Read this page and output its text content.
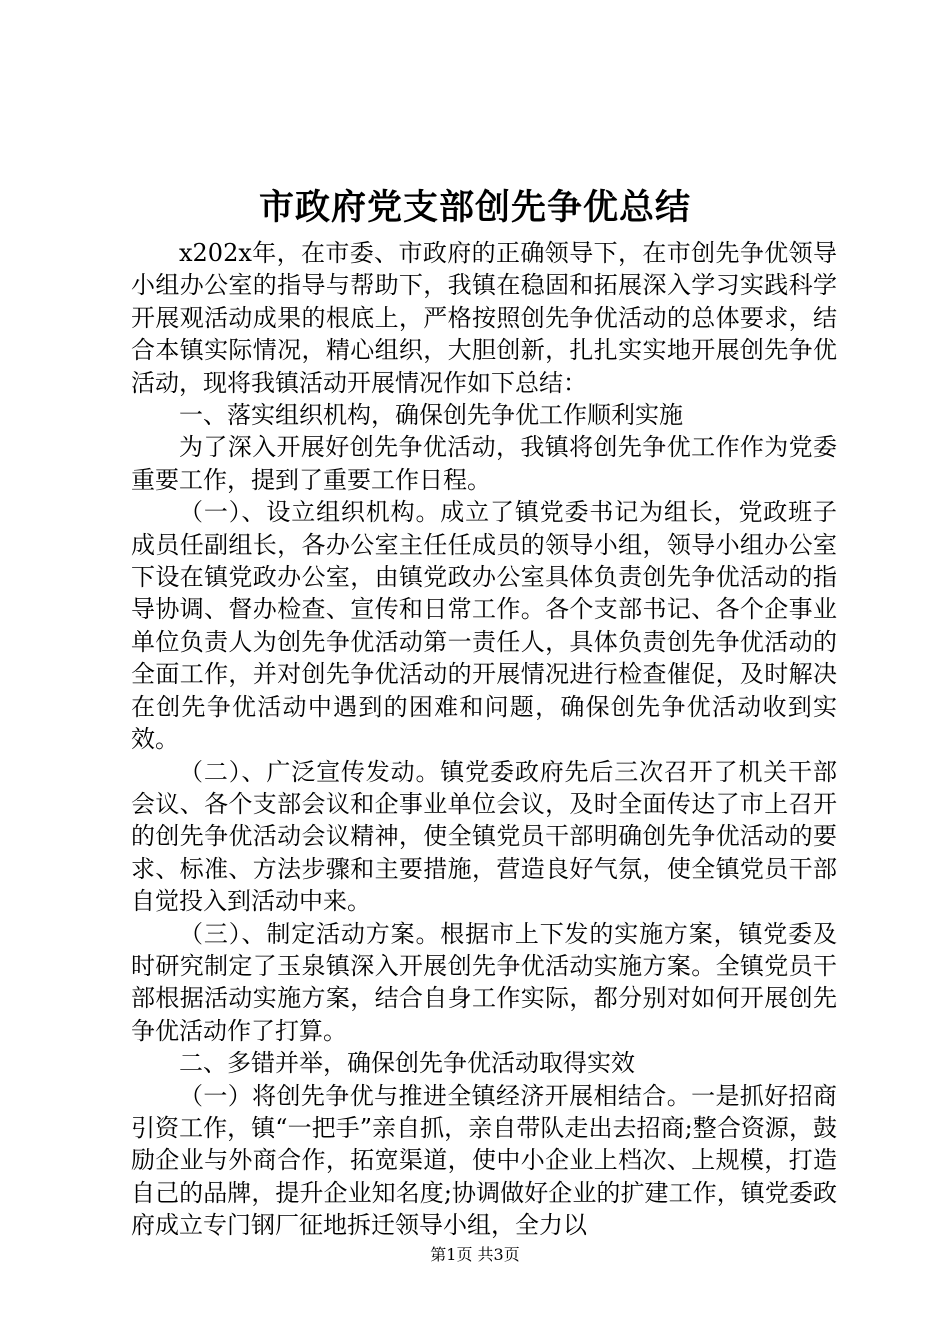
市政府党支部创先争优总结

x202x年，在市委、市政府的正确领导下，在市创先争优领导小组办公室的指导与帮助下，我镇在稳固和拓展深入学习实践科学开展观活动成果的根底上，严格按照创先争优活动的总体要求，结合本镇实际情况，精心组织，大胆创新，扎扎实实地开展创先争优活动，现将我镇活动开展情况作如下总结：

一、落实组织机构，确保创先争优工作顺利实施

为了深入开展好创先争优活动，我镇将创先争优工作作为党委重要工作，提到了重要工作日程。

（一）、设立组织机构。成立了镇党委书记为组长，党政班子成员任副组长，各办公室主任任成员的领导小组，领导小组办公室下设在镇党政办公室，由镇党政办公室具体负责创先争优活动的指导协调、督办检查、宣传和日常工作。各个支部书记、各个企事业单位负责人为创先争优活动第一责任人，具体负责创先争优活动的全面工作，并对创先争优活动的开展情况进行检查催促，及时解决在创先争优活动中遇到的困难和问题，确保创先争优活动收到实效。

（二）、广泛宣传发动。镇党委政府先后三次召开了机关干部会议、各个支部会议和企事业单位会议，及时全面传达了市上召开的创先争优活动会议精神，使全镇党员干部明确创先争优活动的要求、标准、方法步骤和主要措施，营造良好气氛，使全镇党员干部自觉投入到活动中来。

（三）、制定活动方案。根据市上下发的实施方案，镇党委及时研究制定了玉泉镇深入开展创先争优活动实施方案。全镇党员干部根据活动实施方案，结合自身工作实际，都分别对如何开展创先争优活动作了打算。

二、多错并举，确保创先争优活动取得实效

（一）将创先争优与推进全镇经济开展相结合。一是抓好招商引资工作，镇“一把手”亲自抓，亲自带队走出去招商;整合资源，鼓励企业与外商合作，拓宽渠道，使中小企业上档次、上规模，打造自己的品牌，提升企业知名度;协调做好企业的扩建工作，镇党委政府成立专门钢厂征地拆迁领导小组，全力以

第1页 共3页
